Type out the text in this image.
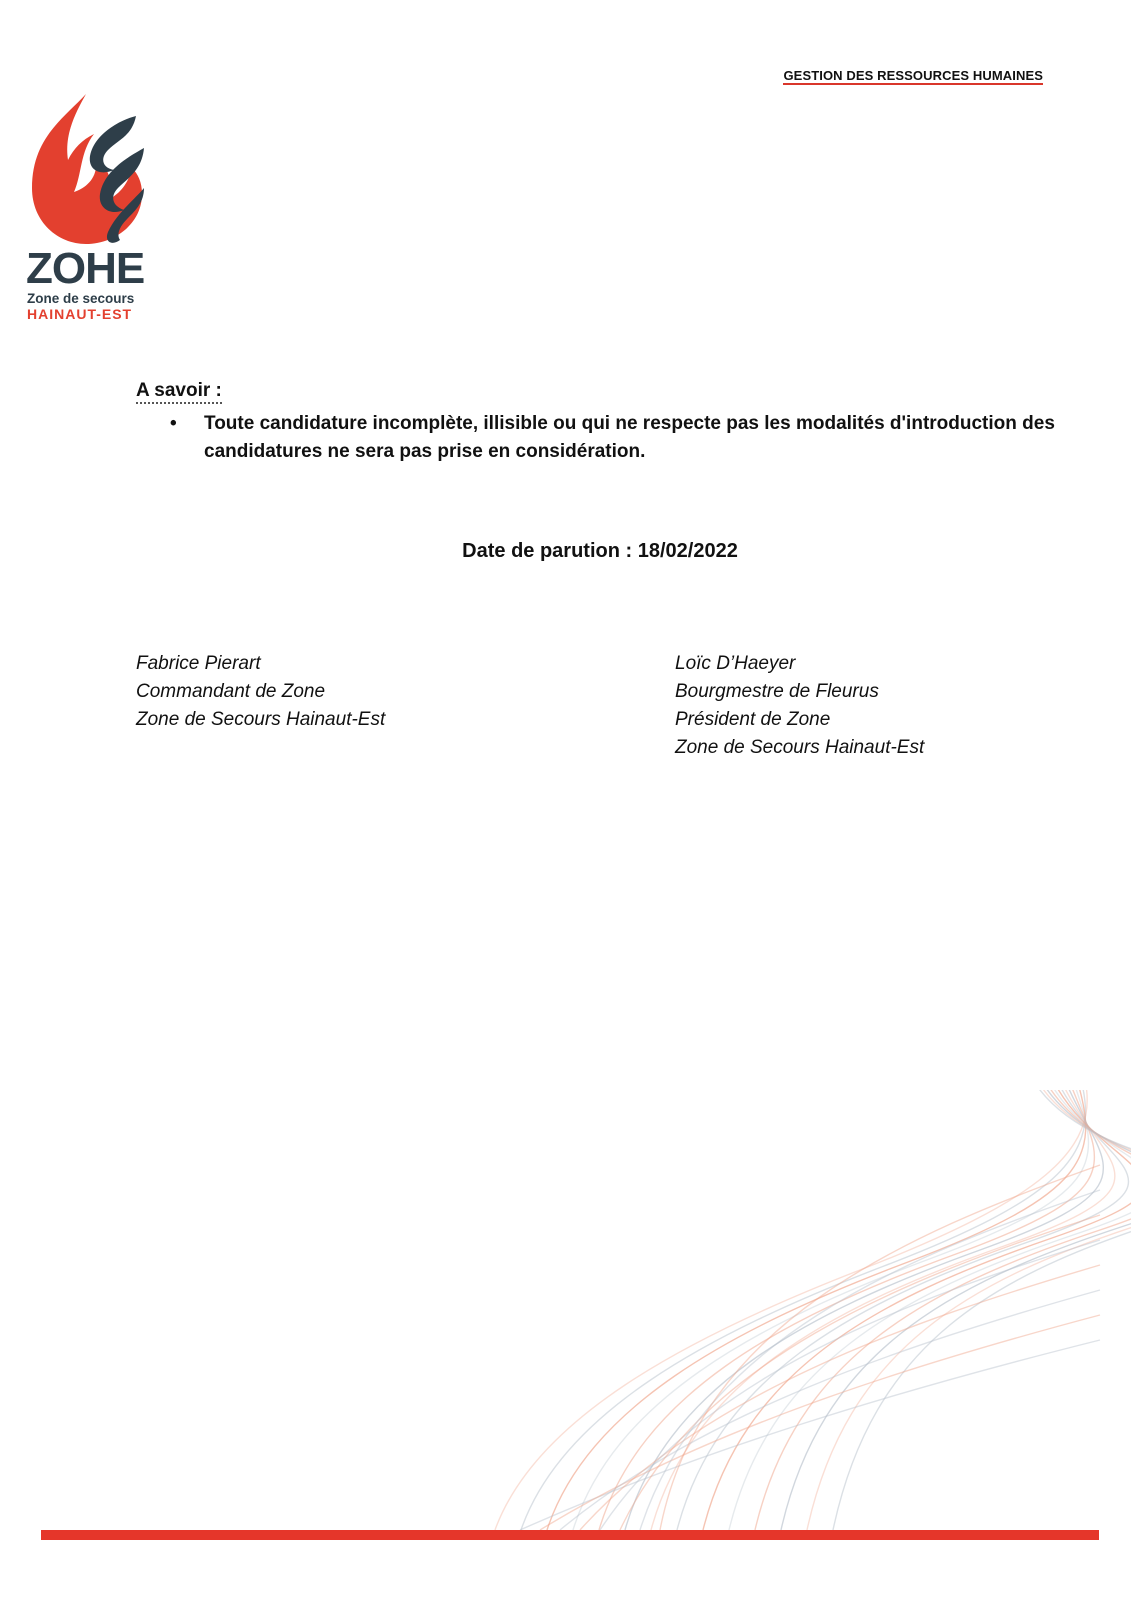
GESTION DES RESSOURCES HUMAINES
ZOHE
Zone de secours
HAINAUT-EST
A savoir :
• Toute candidature incomplète, illisible ou qui ne respecte pas les modalités d'introduction des candidatures ne sera pas prise en considération.
Date de parution : 18/02/2022
Fabrice Pierart
Commandant de Zone
Zone de Secours Hainaut-Est
Loïc D’Haeyer
Bourgmestre de Fleurus
Président de Zone
Zone de Secours Hainaut-Est
